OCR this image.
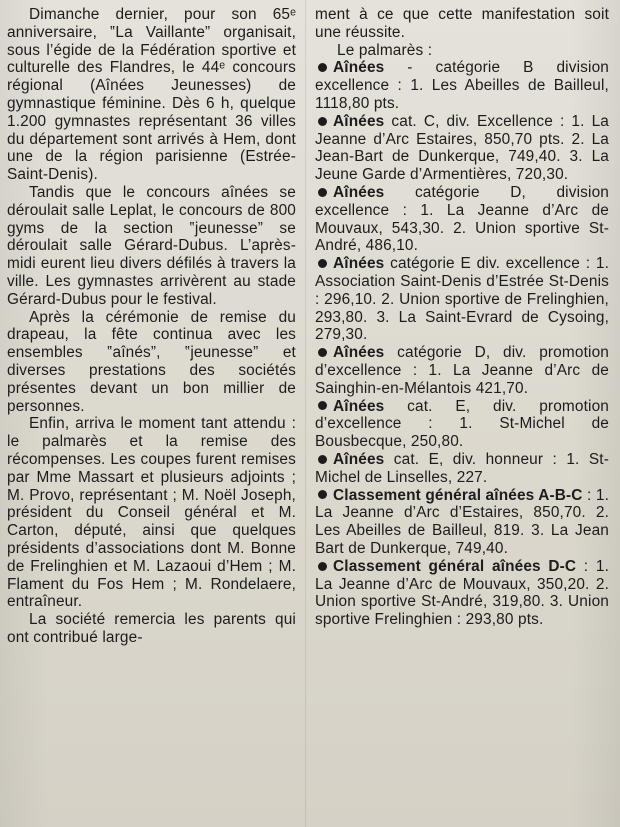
Dimanche dernier, pour son 65ᵉ anniversaire, ‟La Vaillante” organisait, sous l’égide de la Fédération sportive et culturelle des Flandres, le 44ᵉ concours régional (Aînées Jeunesses) de gymnastique féminine. Dès 6 h, quelque 1.200 gymnastes représentant 36 villes du département sont arrivés à Hem, dont une de la région parisienne (Estrée-Saint-Denis).

Tandis que le concours aînées se déroulait salle Leplat, le concours de 800 gyms de la section ‟jeunesse” se déroulait salle Gérard-Dubus. L’après-midi eurent lieu divers défilés à travers la ville. Les gymnastes arrivèrent au stade Gérard-Dubus pour le festival.

Après la cérémonie de remise du drapeau, la fête continua avec les ensembles ‟aînés”, ‟jeunesse” et diverses prestations des sociétés présentes devant un bon millier de personnes.

Enfin, arriva le moment tant attendu : le palmarès et la remise des récompenses. Les coupes furent remises par Mme Massart et plusieurs adjoints ; M. Provo, représentant ; M. Noël Joseph, président du Conseil général et M. Carton, député, ainsi que quelques présidents d’associations dont M. Bonne de Frelinghien et M. Lazaoui d’Hem ; M. Flament du Fos Hem ; M. Rondelaere, entraîneur.

La société remercia les parents qui ont contribué large-

ment à ce que cette manifestation soit une réussite.

Le palmarès :

Aînées - catégorie B division excellence : 1. Les Abeilles de Bailleul, 1118,80 pts.

Aînées cat. C, div. Excellence : 1. La Jeanne d’Arc Estaires, 850,70 pts. 2. La Jean-Bart de Dunkerque, 749,40. 3. La Jeune Garde d’Armentières, 720,30.

Aînées catégorie D, division excellence : 1. La Jeanne d’Arc de Mouvaux, 543,30. 2. Union sportive St-André, 486,10.

Aînées catégorie E div. excellence : 1. Association Saint-Denis d’Estrée St-Denis : 296,10. 2. Union sportive de Frelinghien, 293,80. 3. La Saint-Evrard de Cysoing, 279,30.

Aînées catégorie D, div. promotion d’excellence : 1. La Jeanne d’Arc de Sainghin-en-Mélantois 421,70.

Aînées cat. E, div. promotion d’excellence : 1. St-Michel de Bousbecque, 250,80.

Aînées cat. E, div. honneur : 1. St-Michel de Linselles, 227.

Classement général aînées A-B-C : 1. La Jeanne d’Arc d’Estaires, 850,70. 2. Les Abeilles de Bailleul, 819. 3. La Jean Bart de Dunkerque, 749,40.

Classement général aînées D-C : 1. La Jeanne d’Arc de Mouvaux, 350,20. 2. Union sportive St-André, 319,80. 3. Union sportive Frelinghien : 293,80 pts.
